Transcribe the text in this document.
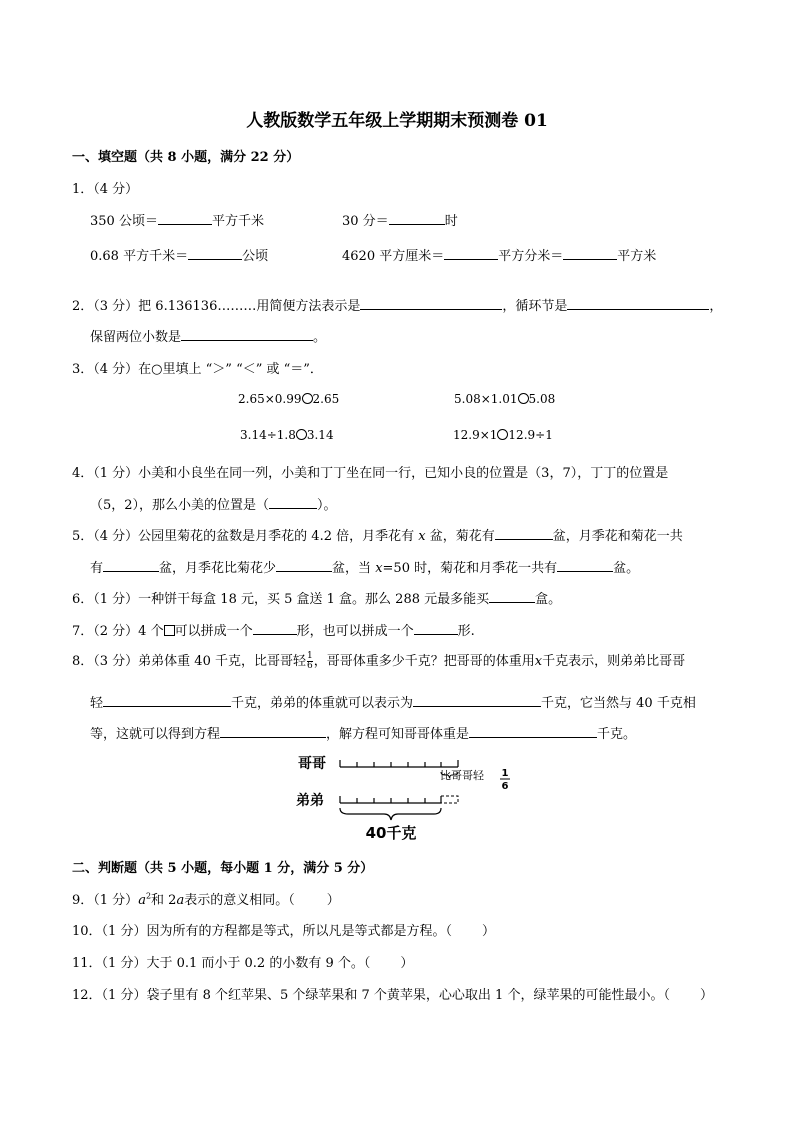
人教版数学五年级上学期期末预测卷 01
一、填空题（共 8 小题，满分 22 分）
1．（4 分）
350 公顷＝	平方千米	30 分＝	时
0.68 平方千米＝	公顷	4620 平方厘米＝	平方分米＝	平方米
2．（3 分）把 6.136136………用简便方法表示是	，循环节是	，
保留两位小数是	。
3．（4 分）在○里填上 “＞” “＜” 或 “＝”．
2.65×0.99 2.65	5.08×1.01 5.08
3.14÷1.8 3.14	12.9×1 12.9÷1
4．（1 分）小美和小良坐在同一列，小美和丁丁坐在同一行，已知小良的位置是（3，7），丁丁的位置是
（5，2），那么小美的位置是（	）。
5．（4 分）公园里菊花的盆数是月季花的 4.2 倍，月季花有 x 盆，菊花有	盆，月季花和菊花一共
有	盆，月季花比菊花少	盆，当 x=50 时，菊花和月季花一共有	盆。
6．（1 分）一种饼干每盒 18 元，买 5 盒送 1 盒。那么 288 元最多能买	盒。
7．（2 分）4 个 可以拼成一个	形，也可以拼成一个	形.
8．（3 分）弟弟体重 40 千克，比哥哥轻 $\frac{1}{6}$ ，哥哥体重多少千克？把哥哥的体重用x千克表示，则弟弟比哥哥
轻	千克，弟弟的体重就可以表示为	千克，它当然与 40 千克相
等，这就可以得到方程	，解方程可知哥哥体重是	千克。
哥哥
比哥哥轻 1
6
弟弟
40千克
二、判断题（共 5 小题，每小题 1 分，满分 5 分）
9．（1 分）$a^2$和 2a表示的意义相同。（ ）
10．（1 分）因为所有的方程都是等式，所以凡是等式都是方程。（ ）
11．（1 分）大于 0.1 而小于 0.2 的小数有 9 个。（ ）
12．（1 分）袋子里有 8 个红苹果、5 个绿苹果和 7 个黄苹果，心心取出 1 个，绿苹果的可能性最小。（ ）
